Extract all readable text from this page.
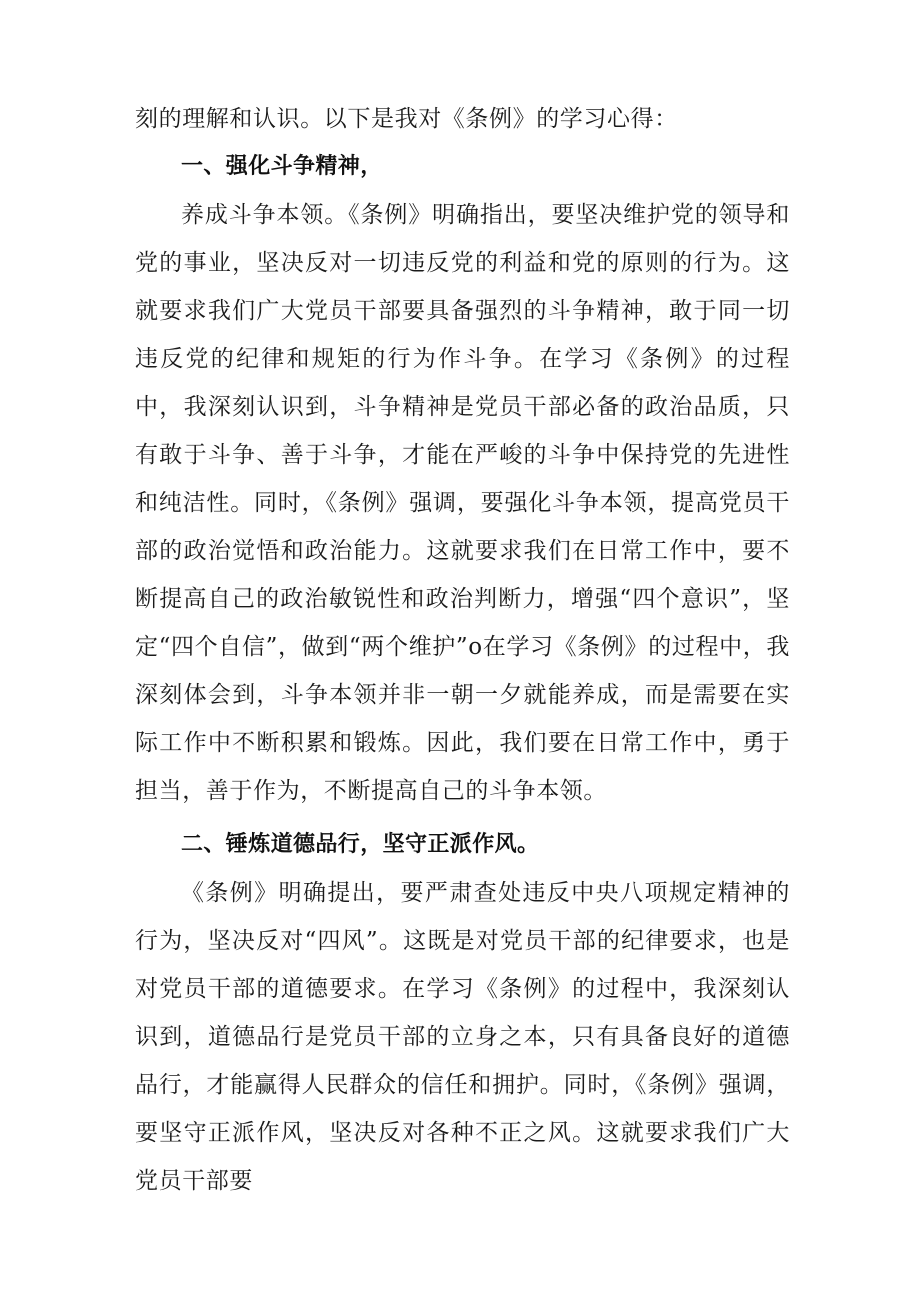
刻的理解和认识。以下是我对《条例》的学习心得：

一、强化斗争精神，

养成斗争本领。《条例》明确指出，要坚决维护党的领导和党的事业，坚决反对一切违反党的利益和党的原则的行为。这就要求我们广大党员干部要具备强烈的斗争精神，敢于同一切违反党的纪律和规矩的行为作斗争。在学习《条例》的过程中，我深刻认识到，斗争精神是党员干部必备的政治品质，只有敢于斗争、善于斗争，才能在严峻的斗争中保持党的先进性和纯洁性。同时，《条例》强调，要强化斗争本领，提高党员干部的政治觉悟和政治能力。这就要求我们在日常工作中，要不断提高自己的政治敏锐性和政治判断力，增强“四个意识”，坚定“四个自信”，做到“两个维护”o在学习《条例》的过程中，我深刻体会到，斗争本领并非一朝一夕就能养成，而是需要在实际工作中不断积累和锻炼。因此，我们要在日常工作中，勇于担当，善于作为，不断提高自己的斗争本领。

二、锤炼道德品行，坚守正派作风。

《条例》明确提出，要严肃查处违反中央八项规定精神的行为，坚决反对“四风”。这既是对党员干部的纪律要求，也是对党员干部的道德要求。在学习《条例》的过程中，我深刻认识到，道德品行是党员干部的立身之本，只有具备良好的道德品行，才能赢得人民群众的信任和拥护。同时，《条例》强调，要坚守正派作风，坚决反对各种不正之风。这就要求我们广大党员干部要
